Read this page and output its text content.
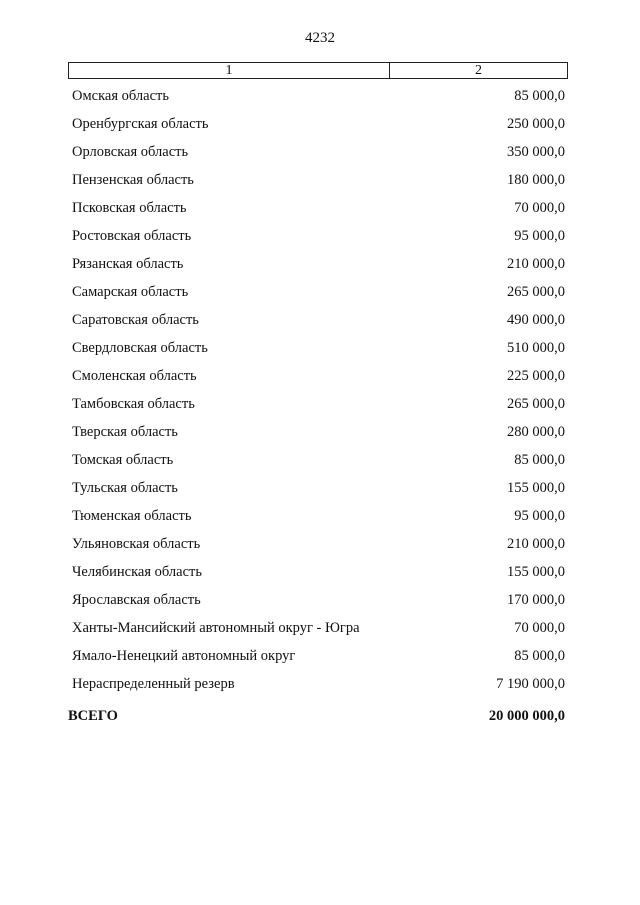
4232
1	2
Омская область	85 000,0
Оренбургская область	250 000,0
Орловская область	350 000,0
Пензенская область	180 000,0
Псковская область	70 000,0
Ростовская область	95 000,0
Рязанская область	210 000,0
Самарская область	265 000,0
Саратовская область	490 000,0
Свердловская область	510 000,0
Смоленская область	225 000,0
Тамбовская область	265 000,0
Тверская область	280 000,0
Томская область	85 000,0
Тульская область	155 000,0
Тюменская область	95 000,0
Ульяновская область	210 000,0
Челябинская область	155 000,0
Ярославская область	170 000,0
Ханты-Мансийский автономный округ - Югра	70 000,0
Ямало-Ненецкий автономный округ	85 000,0
Нераспределенный резерв	7 190 000,0
ВСЕГО	20 000 000,0
